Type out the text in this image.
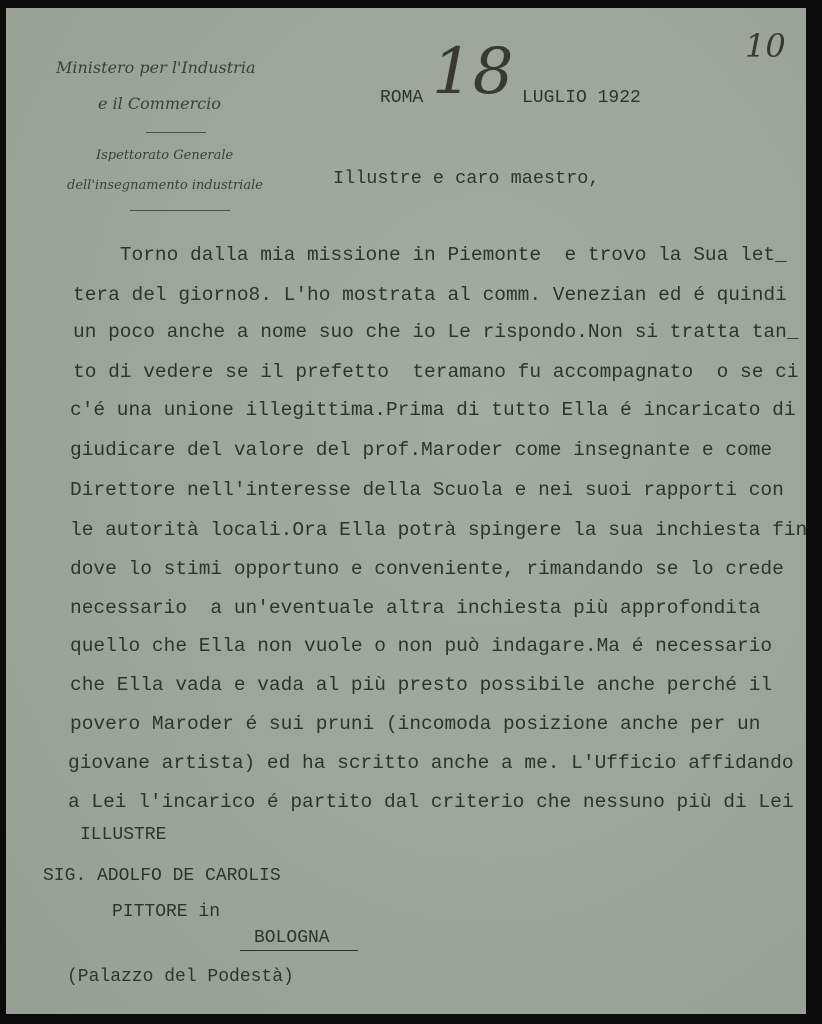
Ministero per l'Industria
e il Commercio
Ispettorato Generale
dell'insegnamento industriale
10
ROMA 18 LUGLIO 1922
Illustre e caro maestro,
Torno dalla mia missione in Piemonte  e trovo la Sua let_
tera del giorno8. L'ho mostrata al comm. Venezian ed é quindi
un poco anche a nome suo che io Le rispondo.Non si tratta tan_
to di vedere se il prefetto  teramano fu accompagnato  o se ci
c'é una unione illegittima.Prima di tutto Ella é incaricato di
giudicare del valore del prof.Maroder come insegnante e come
Direttore nell'interesse della Scuola e nei suoi rapporti con
le autorità locali.Ora Ella potrà spingere la sua inchiesta fin
dove lo stimi opportuno e conveniente, rimandando se lo crede
necessario  a un'eventuale altra inchiesta più approfondita
quello che Ella non vuole o non può indagare.Ma é necessario
che Ella vada e vada al più presto possibile anche perché il
povero Maroder é sui pruni (incomoda posizione anche per un
giovane artista) ed ha scritto anche a me. L'Ufficio affidando
a Lei l'incarico é partito dal criterio che nessuno più di Lei
ILLUSTRE
SIG. ADOLFO DE CAROLIS
PITTORE in
BOLOGNA
(Palazzo del Podestà)
